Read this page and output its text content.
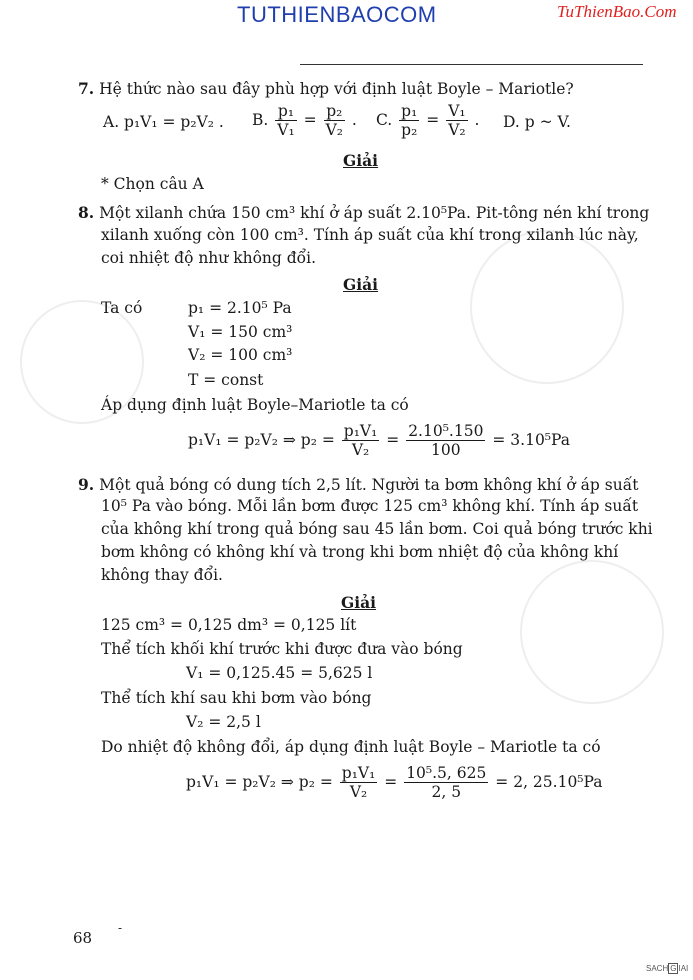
TUTHIENBAOCOM	TuThienBao.Com
7. Hệ thức nào sau đây phù hợp với định luật Boyle – Mariotle?
A. p₁V₁ = p₂V₂ . B. $\frac{\text{p₁}}{\text{V₁}} = \frac{\text{p₂}}{\text{V₂}}$ . C. $\frac{\text{p₁}}{\text{p₂}} = \frac{\text{V₁}}{\text{V₂}}$ . D. p ~ V.
Giải
* Chọn câu A
8. Một xilanh chứa 150 cm³ khí ở áp suất 2.10⁵Pa. Pit-tông nén khí trong
xilanh xuống còn 100 cm³. Tính áp suất của khí trong xilanh lúc này,
coi nhiệt độ như không đổi.
Giải
Ta có	p₁ = 2.10⁵ Pa
V₁ = 150 cm³
V₂ = 100 cm³
T = const
Áp dụng định luật Boyle–Mariotle ta có
p₁V₁ = p₂V₂ ⇒ $p_2 = \frac{\text{p₁V₁}}{\text{V₂}} = \frac{\text{2.10⁵.150}}{100} = 3.10^5Pa$
9. Một quả bóng có dung tích 2,5 lít. Người ta bơm không khí ở áp suất
10⁵ Pa vào bóng. Mỗi lần bơm được 125 cm³ không khí. Tính áp suất
của không khí trong quả bóng sau 45 lần bơm. Coi quả bóng trước khi
bơm không có không khí và trong khi bơm nhiệt độ của không khí
không thay đổi.
Giải
125 cm³ = 0,125 dm³ = 0,125 lít
Thể tích khối khí trước khi được đưa vào bóng
V₁ = 0,125.45 = 5,625 l
Thể tích khí sau khi bơm vào bóng
V₂ = 2,5 l
Do nhiệt độ không đổi, áp dụng định luật Boyle – Mariotle ta có
p₁V₁ = p₂V₂ ⇒ $p_2 = \frac{\text{p₁V₁}}{\text{V₂}} = \frac{\text{10⁵.5, 625}}{2, 5} = 2$, 25.10⁵Pa
68
-
SACH G IAI
